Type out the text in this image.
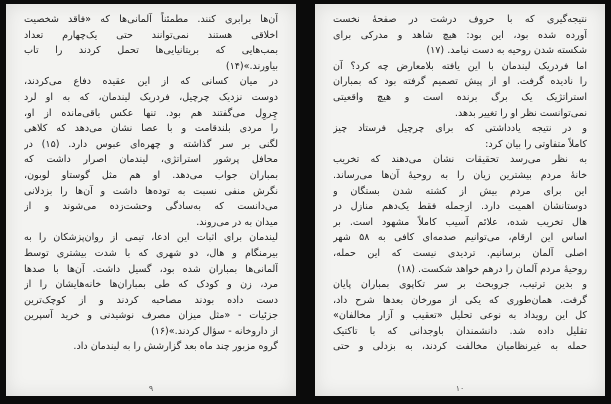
آن‌ها برابری کنند. مطمئناً آلمانی‌ها که «فاقد شخصیت
اخلاقی هستند نمی‌توانند حتی یک‌چهارم تعداد
بمب‌هایی که بریتانیایی‌ها تحمل کردند را تاب
بیاورند.»(۱۴)
در میان کسانی که از این عقیده دفاع می‌کردند،
دوست نزدیک چرچیل، فردریک لیندمان، که به او لرد
چِروِل می‌گفتند هم بود. تنها عکس باقی‌مانده از او،
را مردی بلندقامت و با عصا نشان می‌دهد که کلاهی
لگنی بر سر گذاشته و چهره‌ای عبوس دارد. (۱۵) در
محافل پرشور استراتژی، لیندمان اصرار داشت که
بمباران جواب می‌دهد. او هم مثل گوستاو لوبون،
نگرش منفی نسبت به توده‌ها داشت و آن‌ها را بزدلانی
می‌دانست که به‌سادگی وحشت‌زده می‌شوند و از
میدان به در می‌روند.
لیندمان برای اثبات این ادعا، تیمی از روان‌پزشکان را به
بیرمنگام و هال، دو شهری که با شدت بیشتری توسط
آلمانی‌ها بمباران شده بود، گسیل داشت. آن‌ها با صدها
مرد، زن و کودک که طی بمباران‌ها خانه‌هایشان را از
دست داده بودند مصاحبه کردند و از کوچک‌ترین
جزئیات - «مثل میزان مصرف نوشیدنی و خرید آسپرین
از داروخانه - سؤال کردند.»(۱۶)
گروه مزبور چند ماه بعد گزارشش را به لیندمان داد.
۹
نتیجه‌گیری که با حروف درشت در صفحهٔ نخست
آورده شده بود، این بود: هیچ شاهد و مدرکی برای
شکسته شدن روحیه به دست نیامد. (۱۷)
اما فردریک لیندمان با این یافته بلامعارض چه کرد؟ آن
را نادیده گرفت. او از پیش تصمیم گرفته بود که بمباران
استراتژیک یک برگ برنده است و هیچ واقعیتی
نمی‌توانست نظر او را تغییر بدهد.
و در نتیجه یادداشتی که برای چرچیل فرستاد چیز
کاملاً متفاوتی را بیان کرد:
به نظر می‌رسد تحقیقات نشان می‌دهند که تخریب
خانهٔ مردم بیشترین زیان را به روحیهٔ آن‌ها می‌رساند.
این برای مردم بیش از کشته شدن بستگان و
دوستانشان اهمیت دارد. ازجمله فقط یک‌دهم منازل در
هال تخریب شده، علائم آسیب کاملاً مشهود است. بر
اساس این ارقام، می‌توانیم صدمه‌ای کافی به ۵۸ شهر
اصلی آلمان برسانیم. تردیدی نیست که این حمله،
روحیهٔ مردم آلمان را درهم خواهد شکست. (۱۸)
و بدین ترتیب، جروبحث بر سر تکاپوی بمباران پایان
گرفت. همان‌طوری که یکی از مورخان بعدها شرح داد،
کل این رویداد به نوعی تحلیل «تعقیب و آزار مخالفان»
تقلیل داده شد. دانشمندان باوجدانی که با تاکتیک
حمله به غیرنظامیان مخالفت کردند، به بزدلی و حتی
۱۰
